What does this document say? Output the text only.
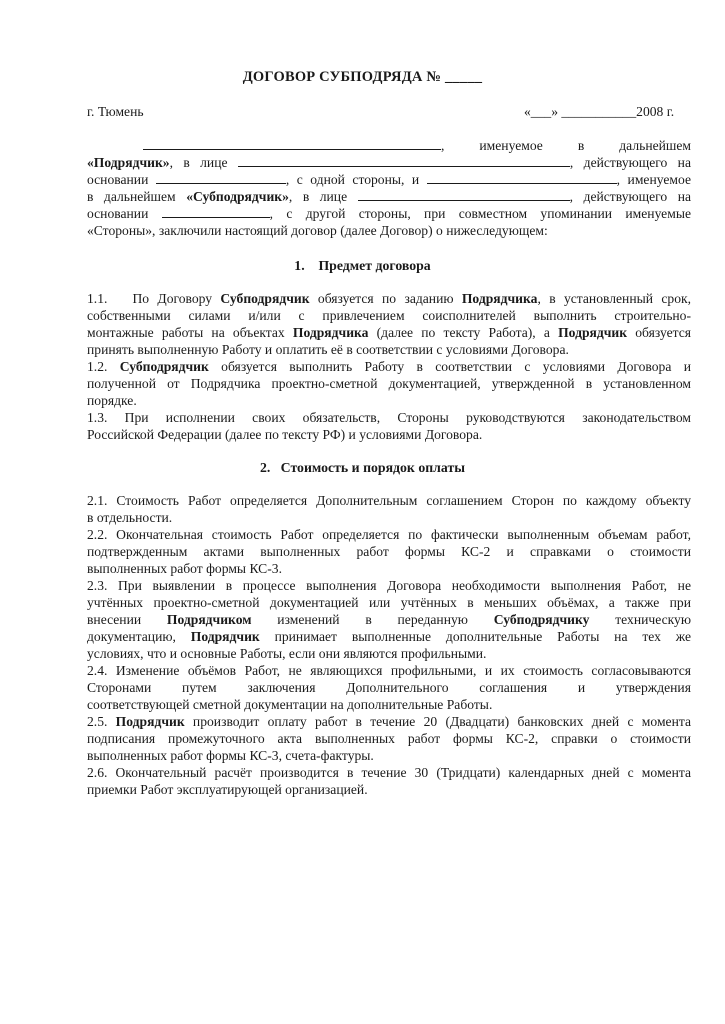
ДОГОВОР СУБПОДРЯДА № _____
г. Тюмень	«___» ___________2008 г.
, именуемое в дальнейшем
«Подрядчик», в лице	, действующего на
основании	, с одной стороны, и	, именуемое
в дальнейшем «Субподрядчик», в лице	, действующего на
основании	, с другой стороны, при совместном упоминании именуемые
«Стороны», заключили настоящий договор (далее Договор) о нижеследующем:
1.    Предмет договора
1.1.   По Договору Субподрядчик обязуется по заданию Подрядчика, в установленный срок,
собственными силами и/или с привлечением соисполнителей выполнить строительно-
монтажные работы на объектах Подрядчика (далее по тексту Работа), а Подрядчик обязуется
принять выполненную Работу и оплатить её в соответствии с условиями Договора.
1.2. Субподрядчик обязуется выполнить Работу в соответствии с условиями Договора и
полученной от Подрядчика проектно-сметной документацией, утвержденной в установленном
порядке.
1.3. При исполнении своих обязательств, Стороны руководствуются законодательством
Российской Федерации (далее по тексту РФ) и условиями Договора.
2.   Стоимость и порядок оплаты
2.1. Стоимость Работ определяется Дополнительным соглашением Сторон по каждому объекту
в отдельности.
2.2. Окончательная стоимость Работ определяется по фактически выполненным объемам работ,
подтвержденным актами выполненных работ формы КС-2 и справками о стоимости
выполненных работ формы КС-3.
2.3. При выявлении в процессе выполнения Договора необходимости выполнения Работ, не
учтённых проектно-сметной документацией или учтённых в меньших объёмах, а также при
внесении Подрядчиком изменений в переданную Субподрядчику техническую
документацию, Подрядчик принимает выполненные дополнительные Работы на тех же
условиях, что и основные Работы, если они являются профильными.
2.4. Изменение объёмов Работ, не являющихся профильными, и их стоимость согласовываются
Сторонами путем заключения Дополнительного соглашения и утверждения
соответствующей сметной документации на дополнительные Работы.
2.5. Подрядчик производит оплату работ в течение 20 (Двадцати) банковских дней с момента
подписания промежуточного акта выполненных работ формы КС-2, справки о стоимости
выполненных работ формы КС-3, счета-фактуры.
2.6. Окончательный расчёт производится в течение 30 (Тридцати) календарных дней с момента
приемки Работ эксплуатирующей организацией.
